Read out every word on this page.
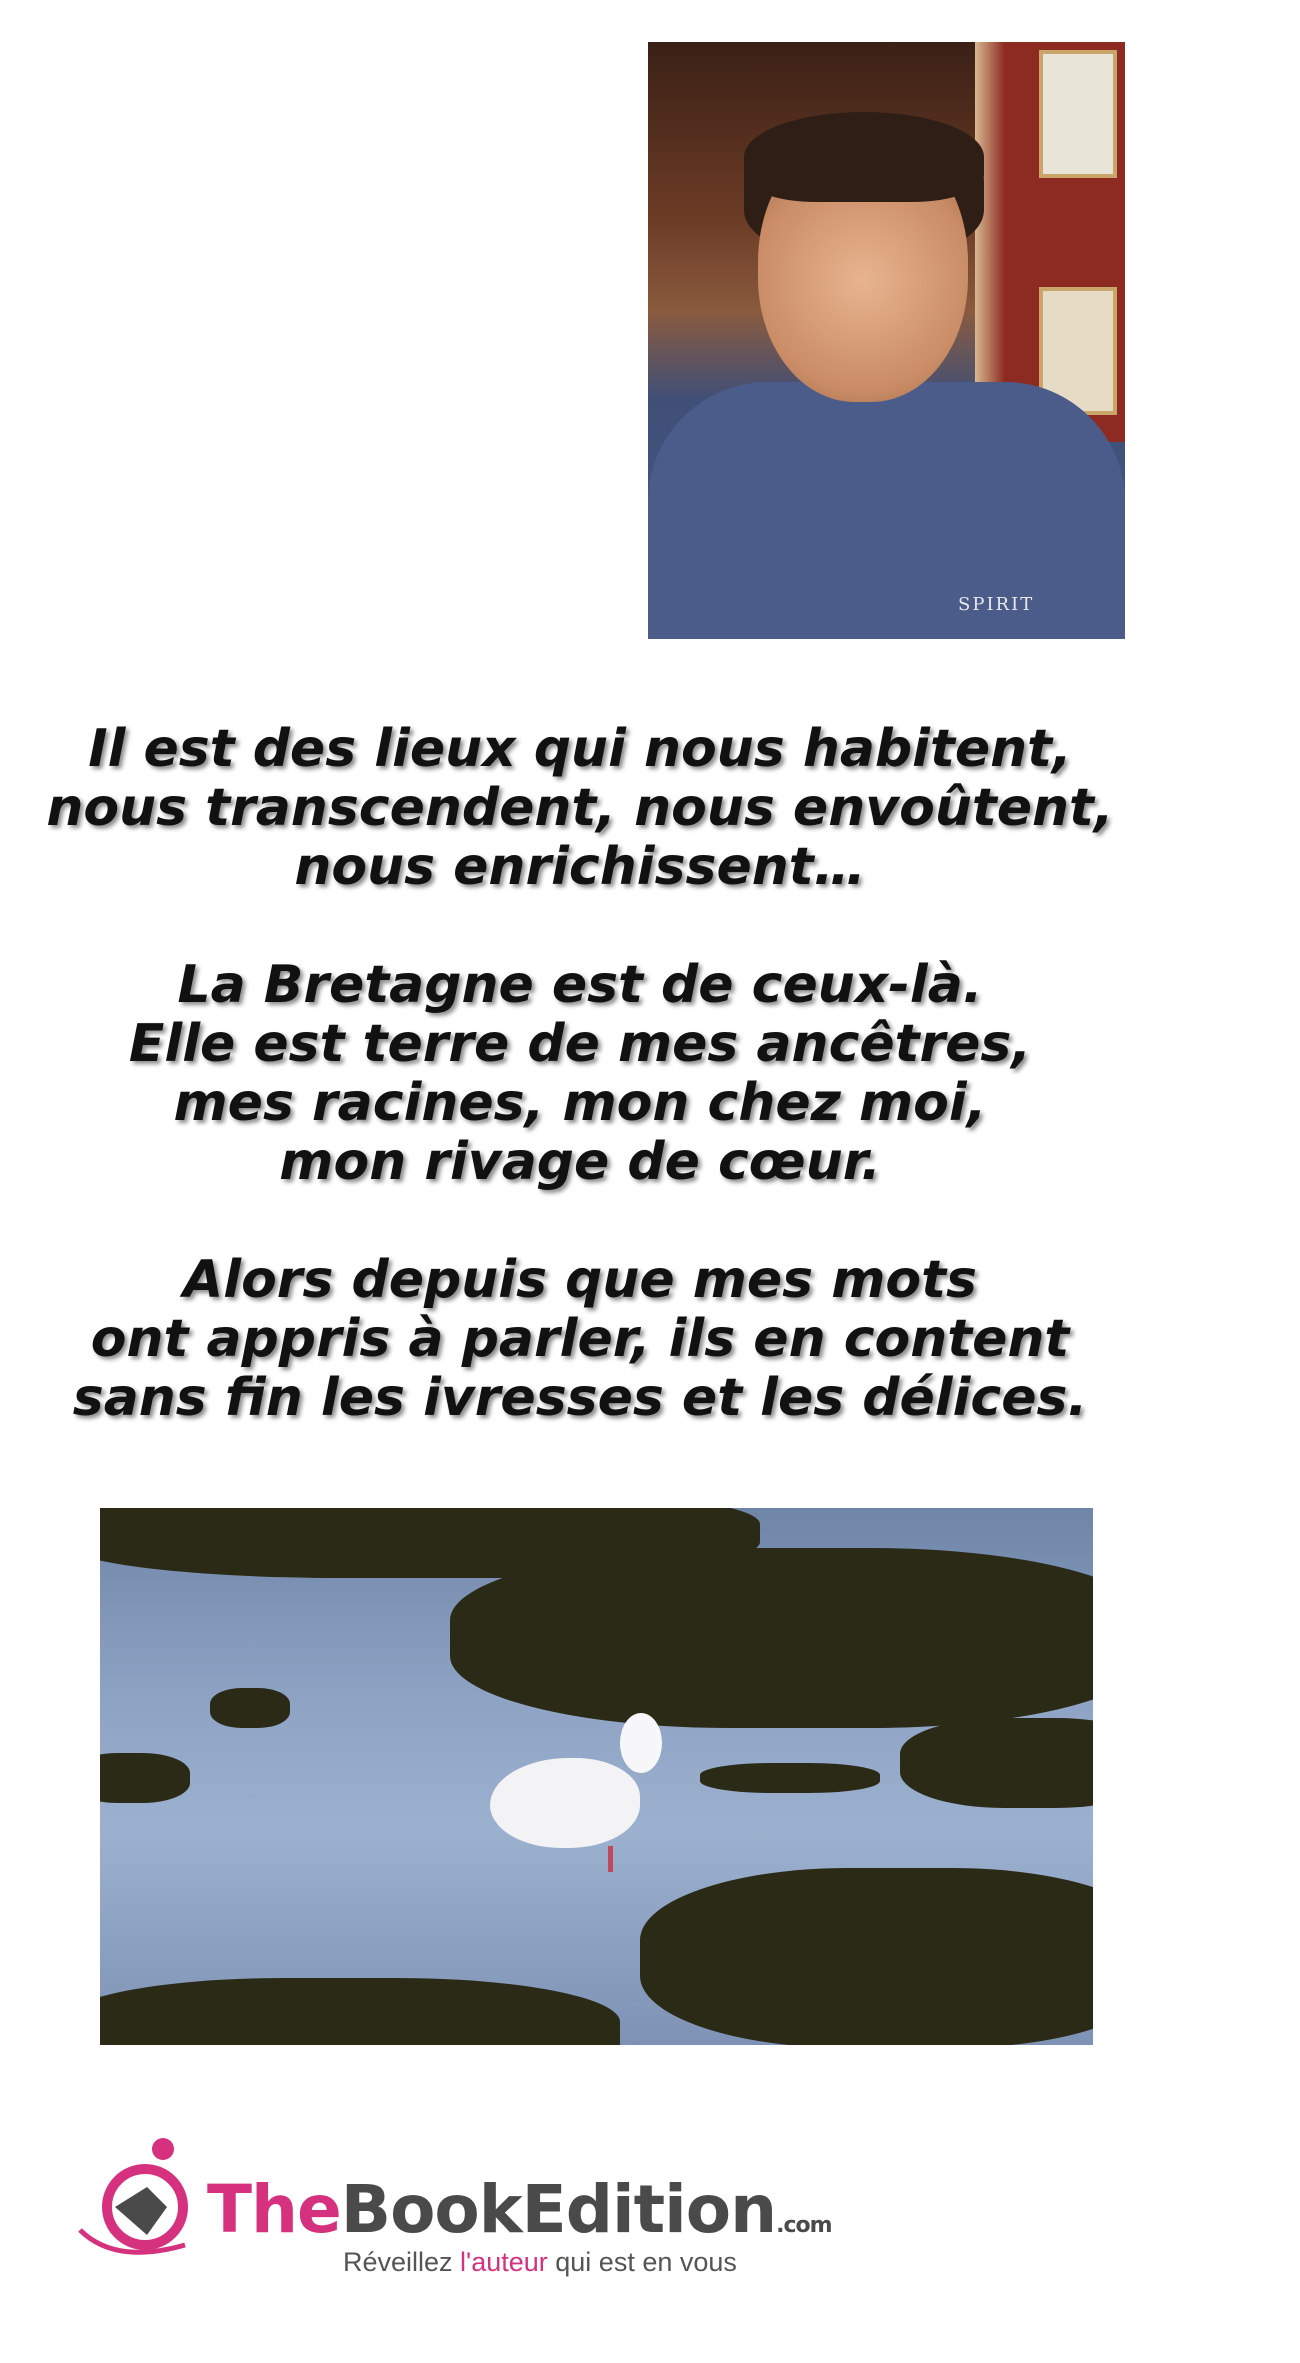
SPIRIT
Il est des lieux qui nous habitent,
nous transcendent, nous envoûtent,
nous enrichissent…
La Bretagne est de ceux-là.
Elle est terre de mes ancêtres,
mes racines, mon chez moi,
mon rivage de cœur.
Alors depuis que mes mots
ont appris à parler, ils en content
sans fin les ivresses et les délices.
TheBookEdition.com
Réveillez l'auteur qui est en vous
